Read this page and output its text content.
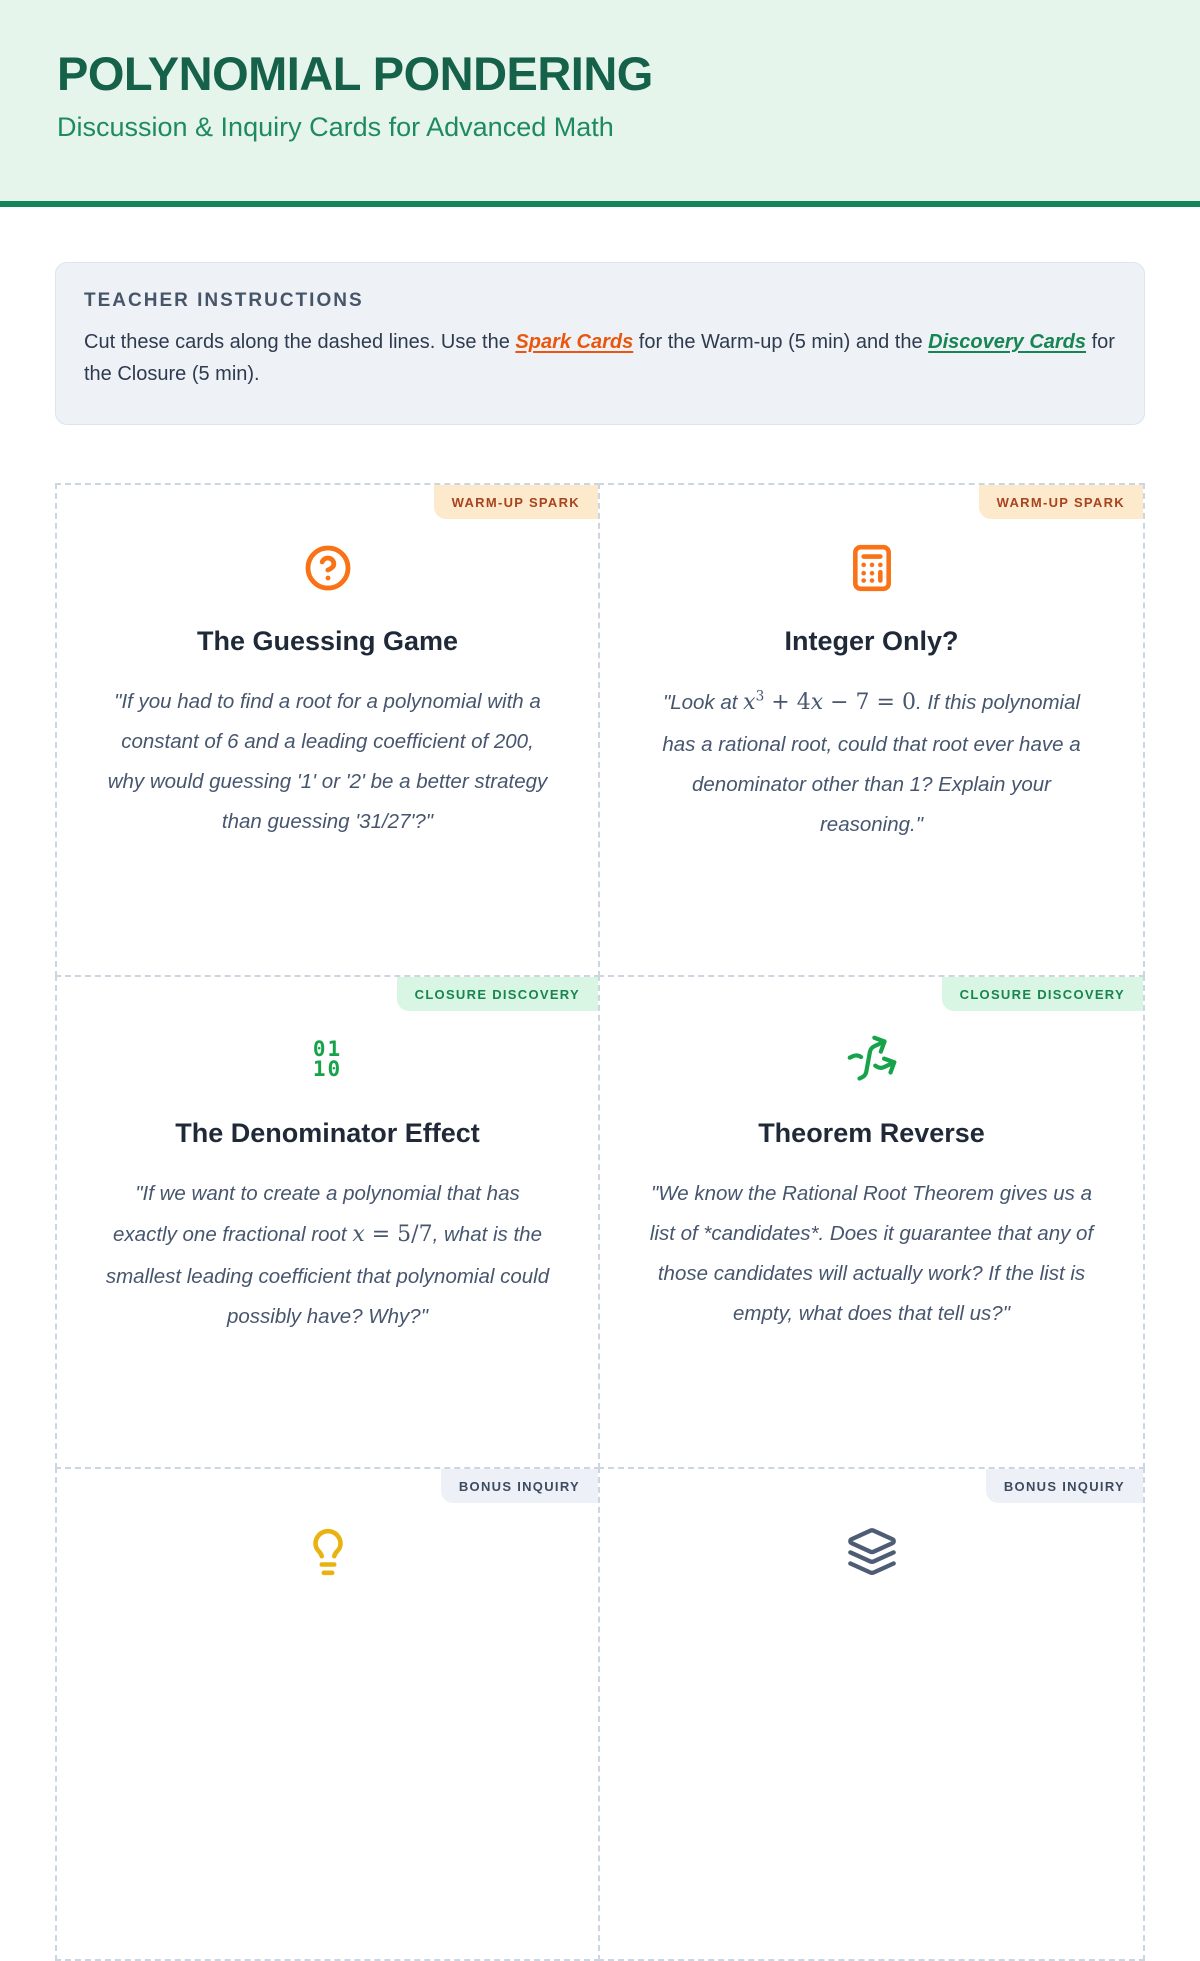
POLYNOMIAL PONDERING

Discussion & Inquiry Cards for Advanced Math

TEACHER INSTRUCTIONS

Cut these cards along the dashed lines. Use the Spark Cards for the Warm-up (5 min) and the Discovery Cards for the Closure (5 min).

WARM-UP SPARK
The Guessing Game

"If you had to find a root for a polynomial with a constant of 6 and a leading coefficient of 200, why would guessing '1' or '2' be a better strategy than guessing '31/27'?"

WARM-UP SPARK
Integer Only?

"Look at $x^3 + 4x - 7 = 0$. If this polynomial has a rational root, could that root ever have a denominator other than 1? Explain your reasoning."

CLOSURE DISCOVERY
01
10
The Denominator Effect

"If we want to create a polynomial that has exactly one fractional root x = 5/7, what is the smallest leading coefficient that polynomial could possibly have? Why?"

CLOSURE DISCOVERY
Theorem Reverse

"We know the Rational Root Theorem gives us a list of *candidates*. Does it guarantee that any of those candidates will actually work? If the list is empty, what does that tell us?"

BONUS INQUIRY	BONUS INQUIRY
